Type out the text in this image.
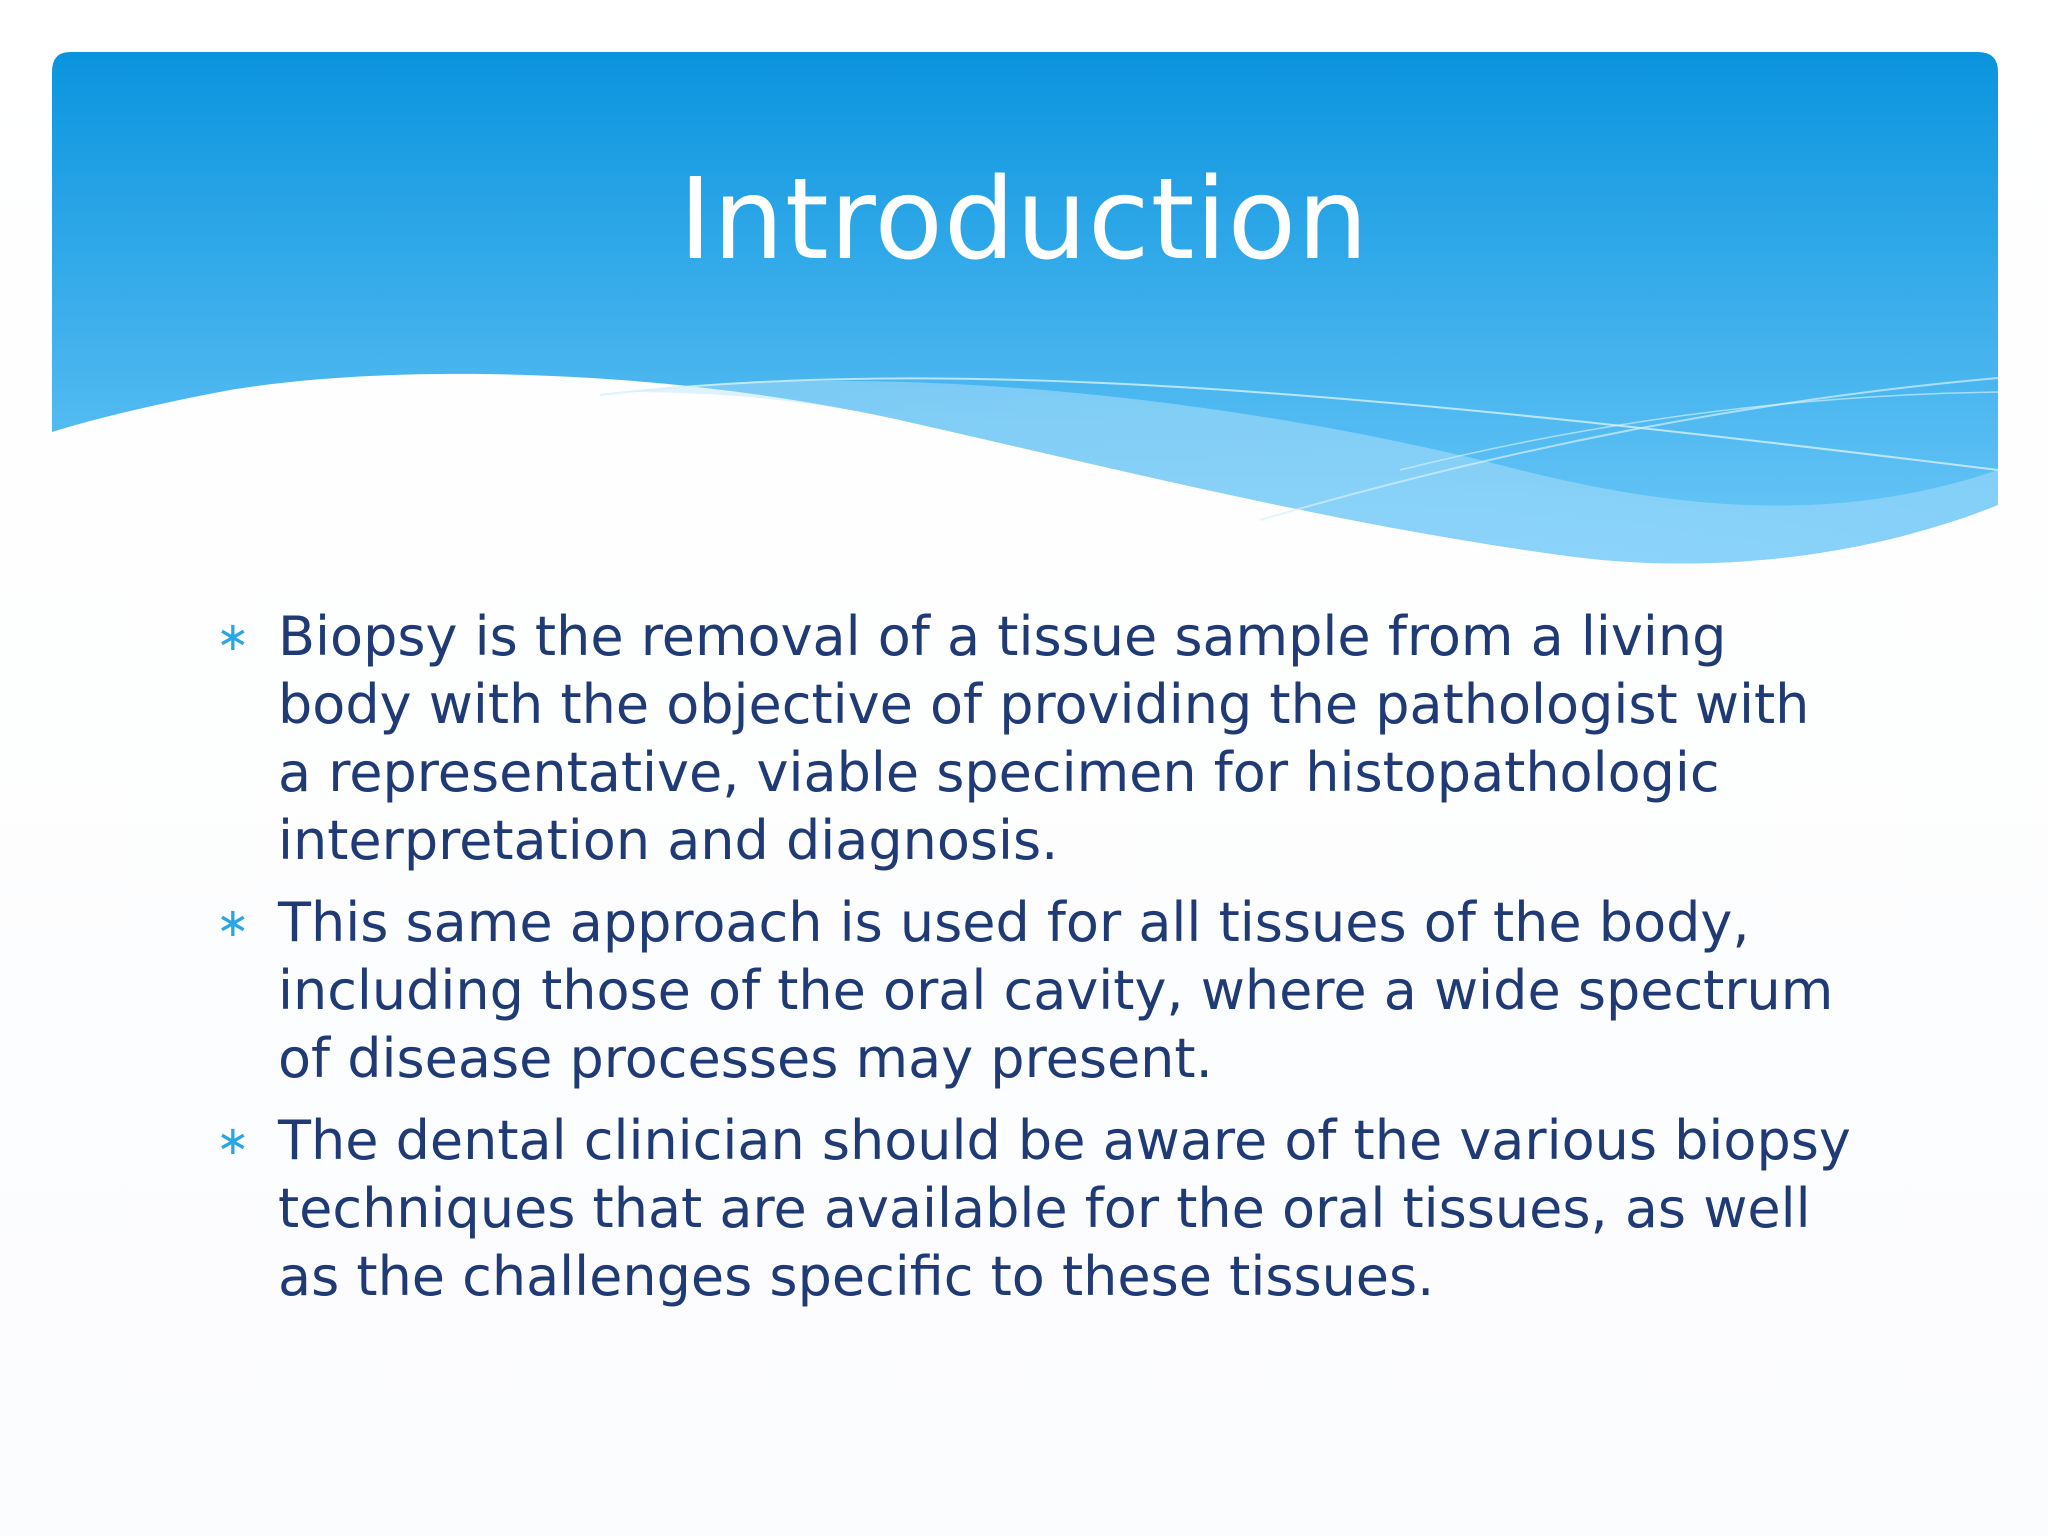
Introduction
∗ Biopsy is the removal of a tissue sample from a living body with the objective of providing the pathologist with a representative, viable specimen for histopathologic interpretation and diagnosis.
∗ This same approach is used for all tissues of the body, including those of the oral cavity, where a wide spectrum of disease processes may present.
∗ The dental clinician should be aware of the various biopsy techniques that are available for the oral tissues, as well as the challenges specific to these tissues.
